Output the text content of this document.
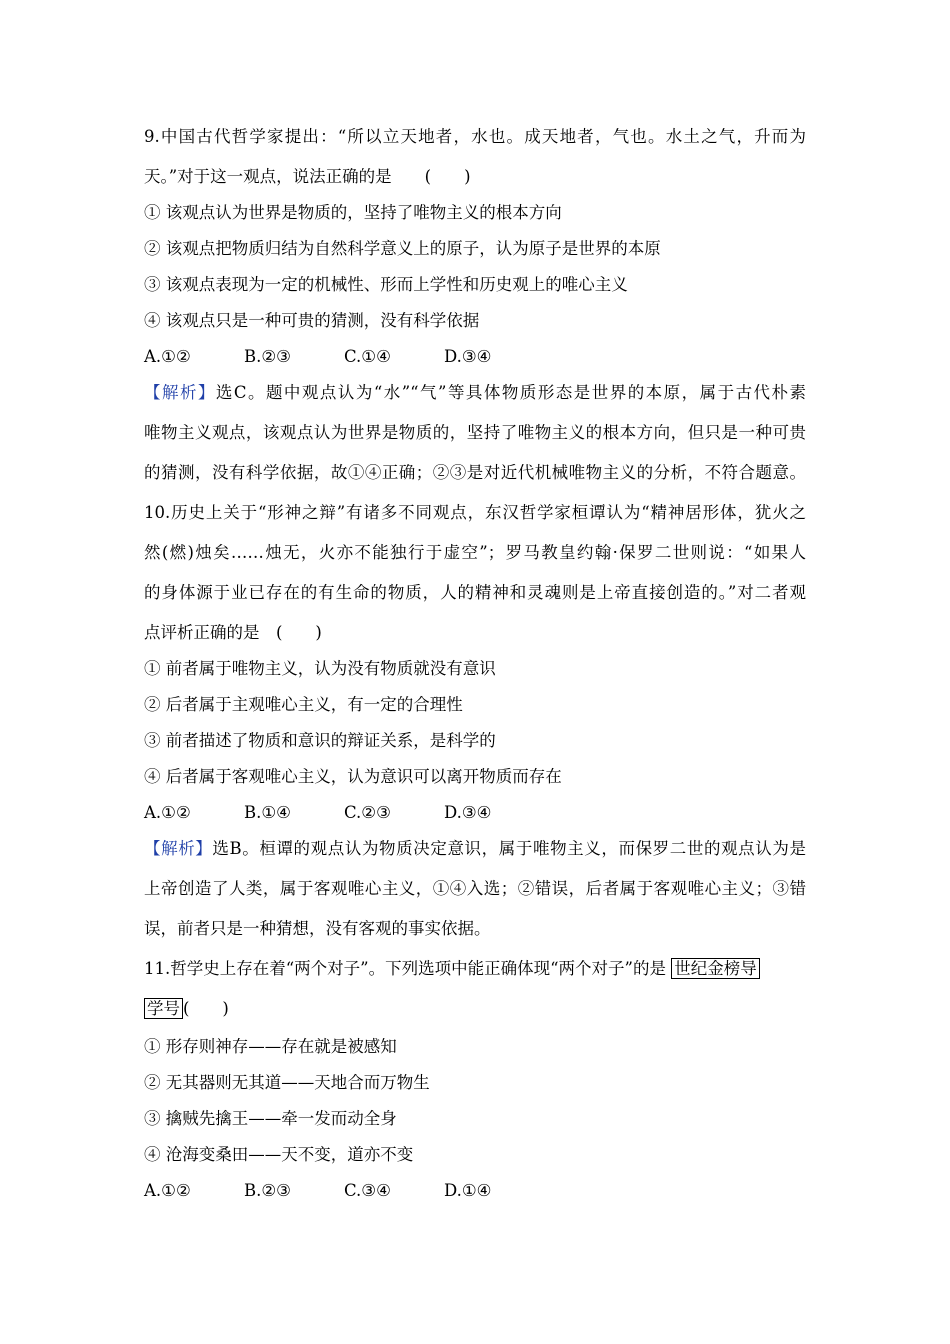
9.中国古代哲学家提出：“所以立天地者，水也。成天地者，气也。水土之气，升而为
天。”对于这一观点，说法正确的是　　(　　)
① 该观点认为世界是物质的，坚持了唯物主义的根本方向
② 该观点把物质归结为自然科学意义上的原子，认为原子是世界的本原
③ 该观点表现为一定的机械性、形而上学性和历史观上的唯心主义
④ 该观点只是一种可贵的猜测，没有科学依据
A.①②	B.②③	C.①④	D.③④
【解析】选C。题中观点认为“水”“气”等具体物质形态是世界的本原，属于古代朴素
唯物主义观点，该观点认为世界是物质的，坚持了唯物主义的根本方向，但只是一种可贵
的猜测，没有科学依据，故①④正确；②③是对近代机械唯物主义的分析，不符合题意。
10.历史上关于“形神之辩”有诸多不同观点，东汉哲学家桓谭认为“精神居形体，犹火之
然(燃)烛矣……烛无，火亦不能独行于虚空”；罗马教皇约翰·保罗二世则说：“如果人
的身体源于业已存在的有生命的物质，人的精神和灵魂则是上帝直接创造的。”对二者观
点评析正确的是　(　　)
① 前者属于唯物主义，认为没有物质就没有意识
② 后者属于主观唯心主义，有一定的合理性
③ 前者描述了物质和意识的辩证关系，是科学的
④ 后者属于客观唯心主义，认为意识可以离开物质而存在
A.①②	B.①④	C.②③	D.③④
【解析】选B。桓谭的观点认为物质决定意识，属于唯物主义，而保罗二世的观点认为是
上帝创造了人类，属于客观唯心主义，①④入选；②错误，后者属于客观唯心主义；③错
误，前者只是一种猜想，没有客观的事实依据。
11.哲学史上存在着“两个对子”。下列选项中能正确体现“两个对子”的是 世纪金榜导
学号 (　　)
① 形存则神存——存在就是被感知
② 无其器则无其道——天地合而万物生
③ 擒贼先擒王——牵一发而动全身
④ 沧海变桑田——天不变，道亦不变
A.①②	B.②③	C.③④	D.①④
